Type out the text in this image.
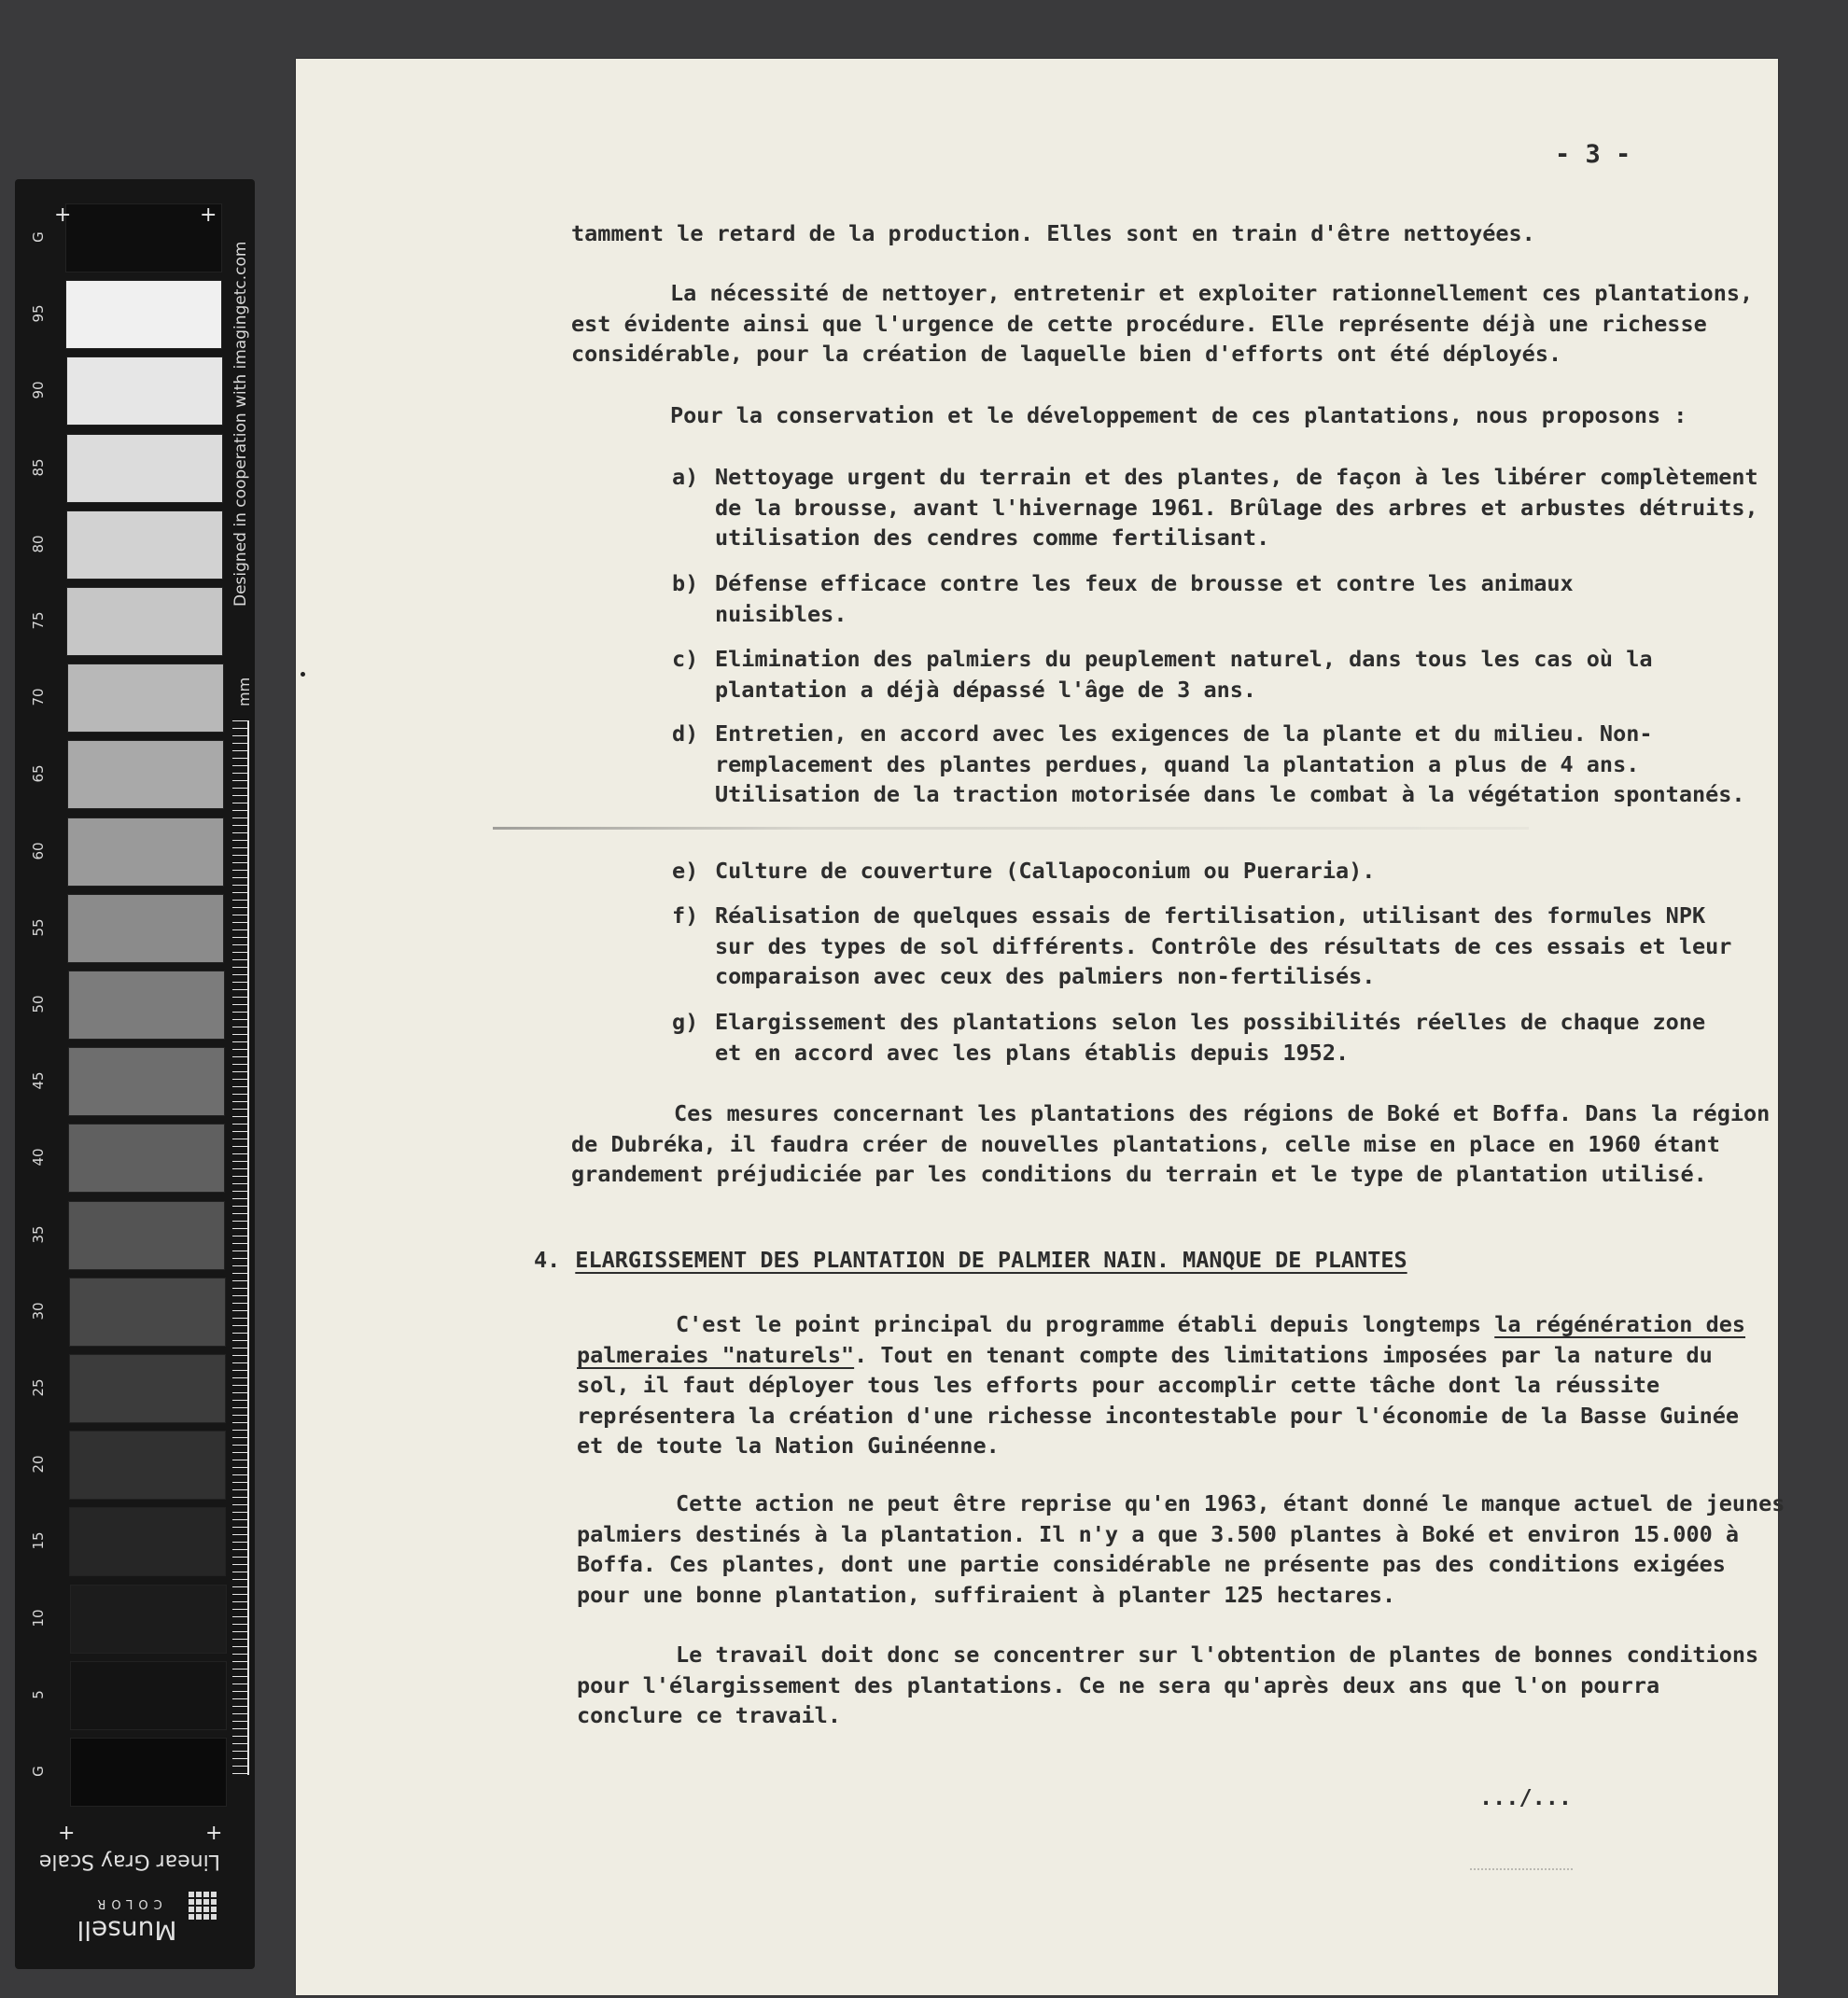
G
95
90
85
80
75
70
65
60
55
50
45
40
35
30
25
20
15
10
5
G
+	+
+	+
Designed in cooperation with imagingetc.com
mm
Linear Gray Scale
COLOR
Munsell
- 3 -

tamment le retard de la production. Elles sont en train d'être nettoyées.

La nécessité de nettoyer, entretenir et exploiter rationnellement ces plantations, est évidente ainsi que l'urgence de cette procédure. Elle représente déjà une richesse considérable, pour la création de laquelle bien d'efforts ont été déployés.

Pour la conservation et le développement de ces plantations, nous proposons :

a) Nettoyage urgent du terrain et des plantes, de façon à les libérer complètement de la brousse, avant l'hivernage 1961. Brûlage des arbres et arbustes détruits, utilisation des cendres comme fertilisant.
b) Défense efficace contre les feux de brousse et contre les animaux nuisibles.
c) Elimination des palmiers du peuplement naturel, dans tous les cas où la plantation a déjà dépassé l'âge de 3 ans.
d) Entretien, en accord avec les exigences de la plante et du milieu. Non-remplacement des plantes perdues, quand la plantation a plus de 4 ans. Utilisation de la traction motorisée dans le combat à la végétation spontanés.
e) Culture de couverture (Callapoconium ou Pueraria).
f) Réalisation de quelques essais de fertilisation, utilisant des formules NPK sur des types de sol différents. Contrôle des résultats de ces essais et leur comparaison avec ceux des palmiers non-fertilisés.
g) Elargissement des plantations selon les possibilités réelles de chaque zone et en accord avec les plans établis depuis 1952.

Ces mesures concernant les plantations des régions de Boké et Boffa. Dans la région de Dubréka, il faudra créer de nouvelles plantations, celle mise en place en 1960 étant grandement préjudiciée par les conditions du terrain et le type de plantation utilisé.

4. ELARGISSEMENT DES PLANTATION DE PALMIER NAIN. MANQUE DE PLANTES

C'est le point principal du programme établi depuis longtemps la régénération des palmeraies "naturels". Tout en tenant compte des limitations imposées par la nature du sol, il faut déployer tous les efforts pour accomplir cette tâche dont la réussite représentera la création d'une richesse incontestable pour l'économie de la Basse Guinée et de toute la Nation Guinéenne.

Cette action ne peut être reprise qu'en 1963, étant donné le manque actuel de jeunes palmiers destinés à la plantation. Il n'y a que 3.500 plantes à Boké et environ 15.000 à Boffa. Ces plantes, dont une partie considérable ne présente pas des conditions exigées pour une bonne plantation, suffiraient à planter 125 hectares.

Le travail doit donc se concentrer sur l'obtention de plantes de bonnes conditions pour l'élargissement des plantations. Ce ne sera qu'après deux ans que l'on pourra conclure ce travail.

.../...
